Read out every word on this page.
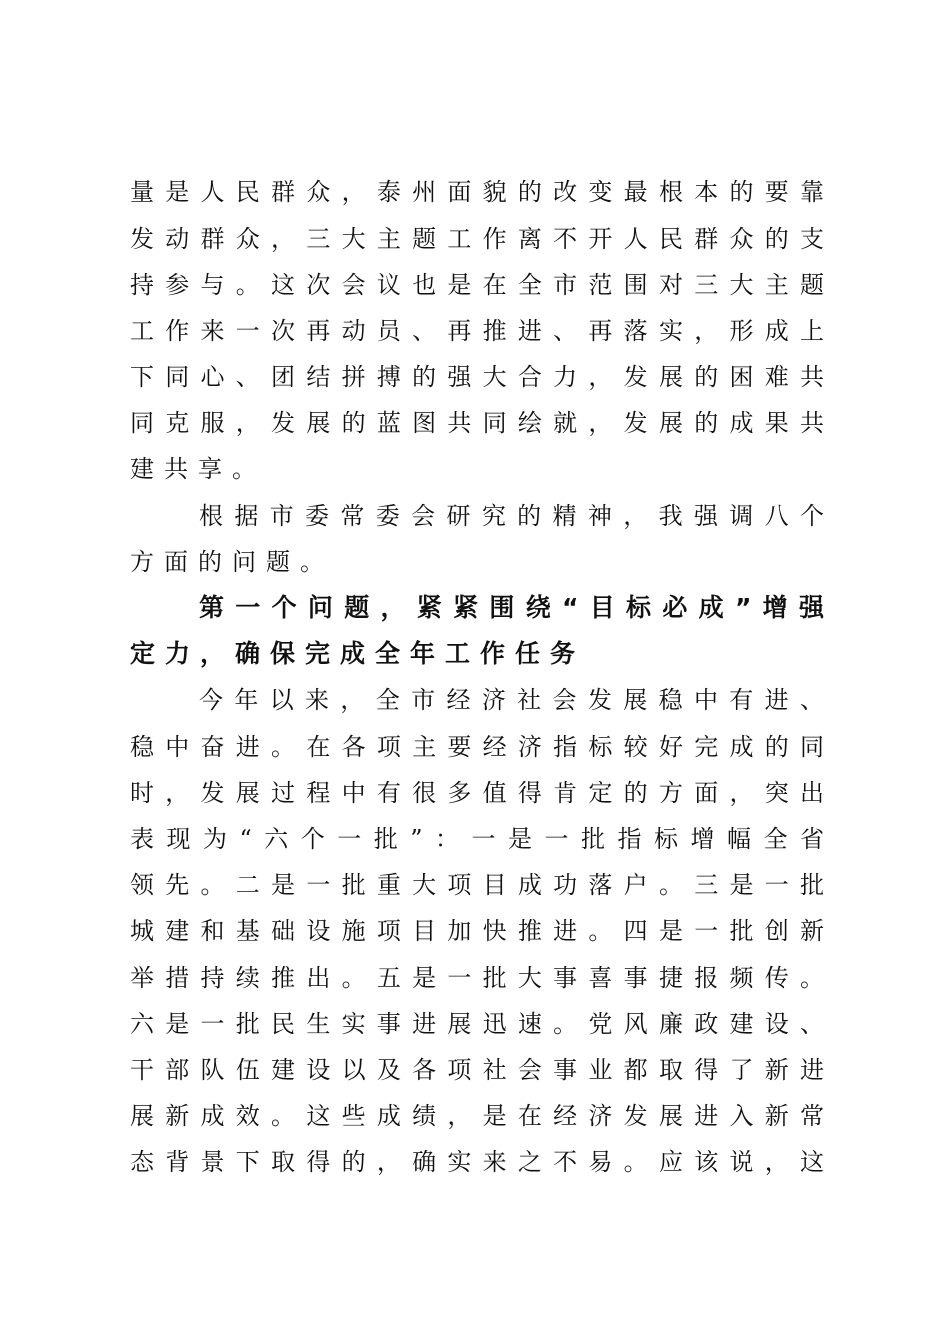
量是人民群众，泰州面貌的改变最根本的要靠
发动群众，三大主题工作离不开人民群众的支
持参与。这次会议也是在全市范围对三大主题
工作来一次再动员、再推进、再落实，形成上
下同心、团结拼搏的强大合力，发展的困难共
同克服，发展的蓝图共同绘就，发展的成果共
建共享。
根据市委常委会研究的精神，我强调八个
方面的问题。
第一个问题，紧紧围绕“目标必成”增强
定力，确保完成全年工作任务
今年以来，全市经济社会发展稳中有进、
稳中奋进。在各项主要经济指标较好完成的同
时，发展过程中有很多值得肯定的方面，突出
表现为“六个一批”：一是一批指标增幅全省
领先。二是一批重大项目成功落户。三是一批
城建和基础设施项目加快推进。四是一批创新
举措持续推出。五是一批大事喜事捷报频传。
六是一批民生实事进展迅速。党风廉政建设、
干部队伍建设以及各项社会事业都取得了新进
展新成效。这些成绩，是在经济发展进入新常
态背景下取得的，确实来之不易。应该说，这
